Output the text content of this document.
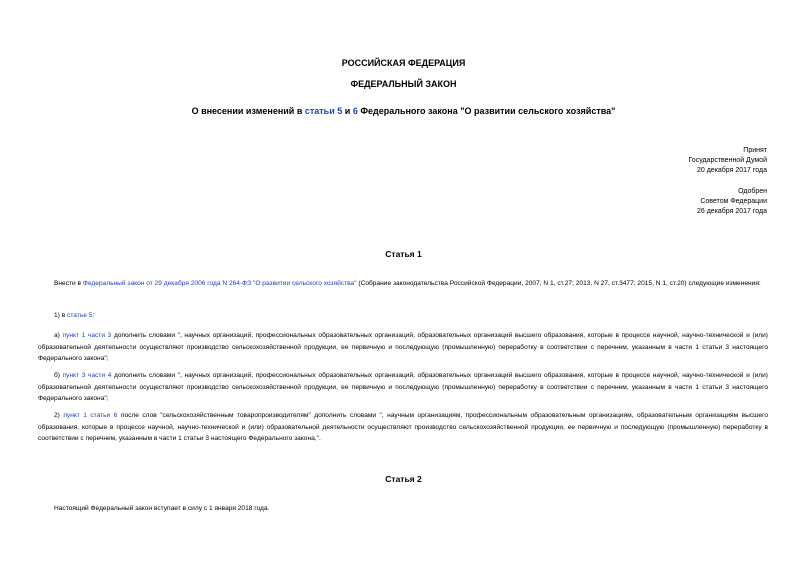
РОССИЙСКАЯ ФЕДЕРАЦИЯ
ФЕДЕРАЛЬНЫЙ ЗАКОН
О внесении изменений в статьи 5 и 6 Федерального закона "О развитии сельского хозяйства"
Принят
Государственной Думой
20 декабря 2017 года
Одобрен
Советом Федерации
26 декабря 2017 года
Статья 1
Внести в Федеральный закон от 29 декабря 2006 года N 264-ФЗ "О развитии сельского хозяйства" (Собрание законодательства Российской Федерации, 2007, N 1, ст.27; 2013, N 27, ст.3477; 2015, N 1, ст.20) следующие изменения:
1) в статье 5:
а) пункт 1 части 3 дополнить словами ", научных организаций, профессиональных образовательных организаций, образовательных организаций высшего образования, которые в процессе научной, научно-технической и (или) образовательной деятельности осуществляют производство сельскохозяйственной продукции, ее первичную и последующую (промышленную) переработку в соответствии с перечнем, указанным в части 1 статьи 3 настоящего Федерального закона";
б) пункт 3 части 4 дополнить словами ", научных организаций, профессиональных образовательных организаций, образовательных организаций высшего образования, которые в процессе научной, научно-технической и (или) образовательной деятельности осуществляют производство сельскохозяйственной продукции, ее первичную и последующую (промышленную) переработку в соответствии с перечнем, указанным в части 1 статьи 3 настоящего Федерального закона";
2) пункт 1 статьи 6 после слов "сельскохозяйственным товаропроизводителям" дополнить словами ", научным организациям, профессиональным образовательным организациям, образовательным организациям высшего образования, которые в процессе научной, научно-технической и (или) образовательной деятельности осуществляют производство сельскохозяйственной продукции, ее первичную и последующую (промышленную) переработку в соответствии с перечнем, указанным в части 1 статьи 3 настоящего Федерального закона,".
Статья 2
Настоящий Федеральный закон вступает в силу с 1 января 2018 года.
